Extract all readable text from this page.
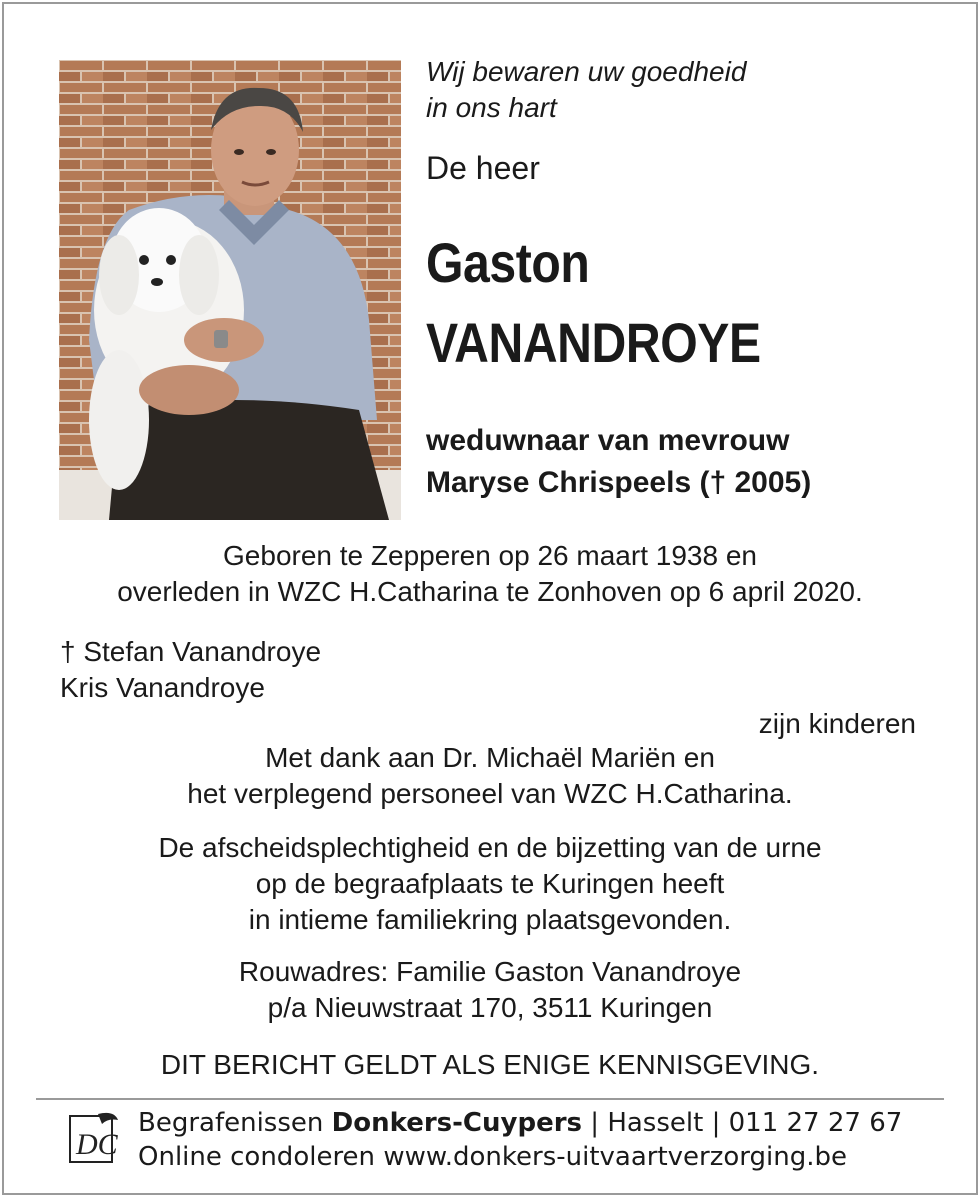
Wij bewaren uw goedheid
in ons hart
De heer
Gaston
VANANDROYE
weduwnaar van mevrouw
Maryse Chrispeels († 2005)
Geboren te Zepperen op 26 maart 1938 en
overleden in WZC H.Catharina te Zonhoven op 6 april 2020.
† Stefan Vanandroye
Kris Vanandroye
zijn kinderen
Met dank aan Dr. Michaël Mariën en
het verplegend personeel van WZC H.Catharina.
De afscheidsplechtigheid en de bijzetting van de urne
op de begraafplaats te Kuringen heeft
in intieme familiekring plaatsgevonden.
Rouwadres: Familie Gaston Vanandroye
p/a Nieuwstraat 170, 3511 Kuringen
DIT BERICHT GELDT ALS ENIGE KENNISGEVING.
DC
Begrafenissen Donkers-Cuypers | Hasselt | 011 27 27 67
Online condoleren www.donkers-uitvaartverzorging.be
